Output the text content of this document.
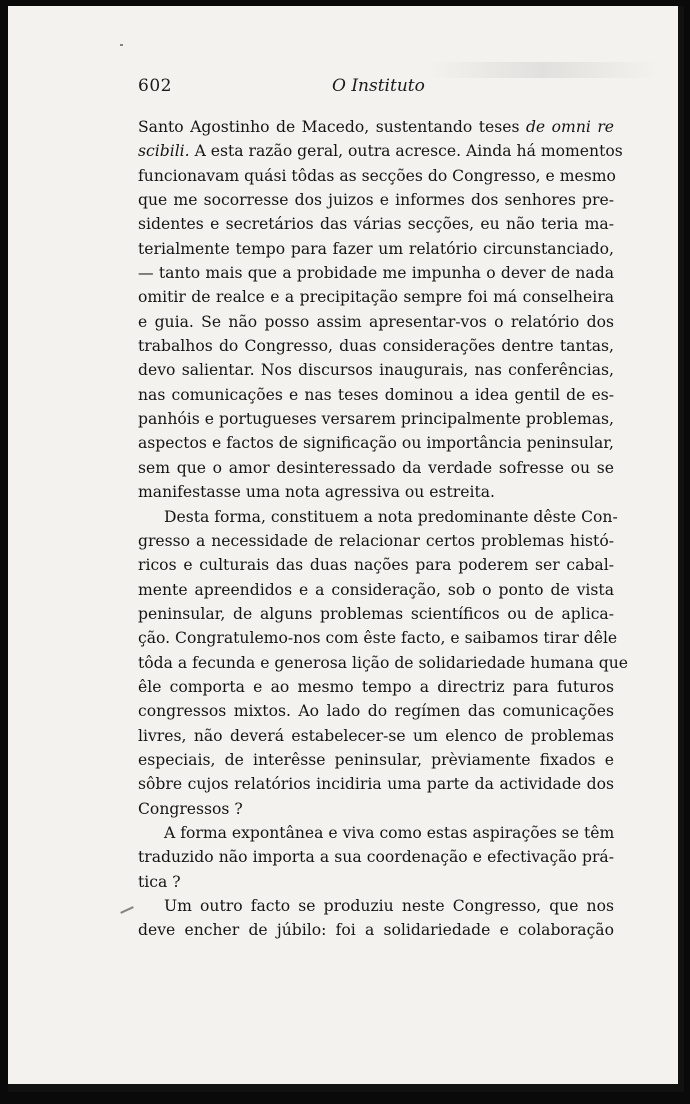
602	O Instituto
Santo Agostinho de Macedo, sustentando teses de omni re
scibili. A esta razão geral, outra acresce. Ainda há momentos
funcionavam quási tôdas as secções do Congresso, e mesmo
que me socorresse dos juizos e informes dos senhores pre-
sidentes e secretários das várias secções, eu não teria ma-
terialmente tempo para fazer um relatório circunstanciado,
— tanto mais que a probidade me impunha o dever de nada
omitir de realce e a precipitação sempre foi má conselheira
e guia. Se não posso assim apresentar-vos o relatório dos
trabalhos do Congresso, duas considerações dentre tantas,
devo salientar. Nos discursos inaugurais, nas conferências,
nas comunicações e nas teses dominou a idea gentil de es-
panhóis e portugueses versarem principalmente problemas,
aspectos e factos de significação ou importância peninsular,
sem que o amor desinteressado da verdade sofresse ou se
manifestasse uma nota agressiva ou estreita.
Desta forma, constituem a nota predominante dêste Con-
gresso a necessidade de relacionar certos problemas histó-
ricos e culturais das duas nações para poderem ser cabal-
mente apreendidos e a consideração, sob o ponto de vista
peninsular, de alguns problemas scientíficos ou de aplica-
ção. Congratulemo-nos com êste facto, e saibamos tirar dêle
tôda a fecunda e generosa lição de solidariedade humana que
êle comporta e ao mesmo tempo a directriz para futuros
congressos mixtos. Ao lado do regímen das comunicações
livres, não deverá estabelecer-se um elenco de problemas
especiais, de interêsse peninsular, prèviamente fixados e
sôbre cujos relatórios incidiria uma parte da actividade dos
Congressos ?
A forma expontânea e viva como estas aspirações se têm
traduzido não importa a sua coordenação e efectivação prá-
tica ?
Um outro facto se produziu neste Congresso, que nos
deve encher de júbilo: foi a solidariedade e colaboração
